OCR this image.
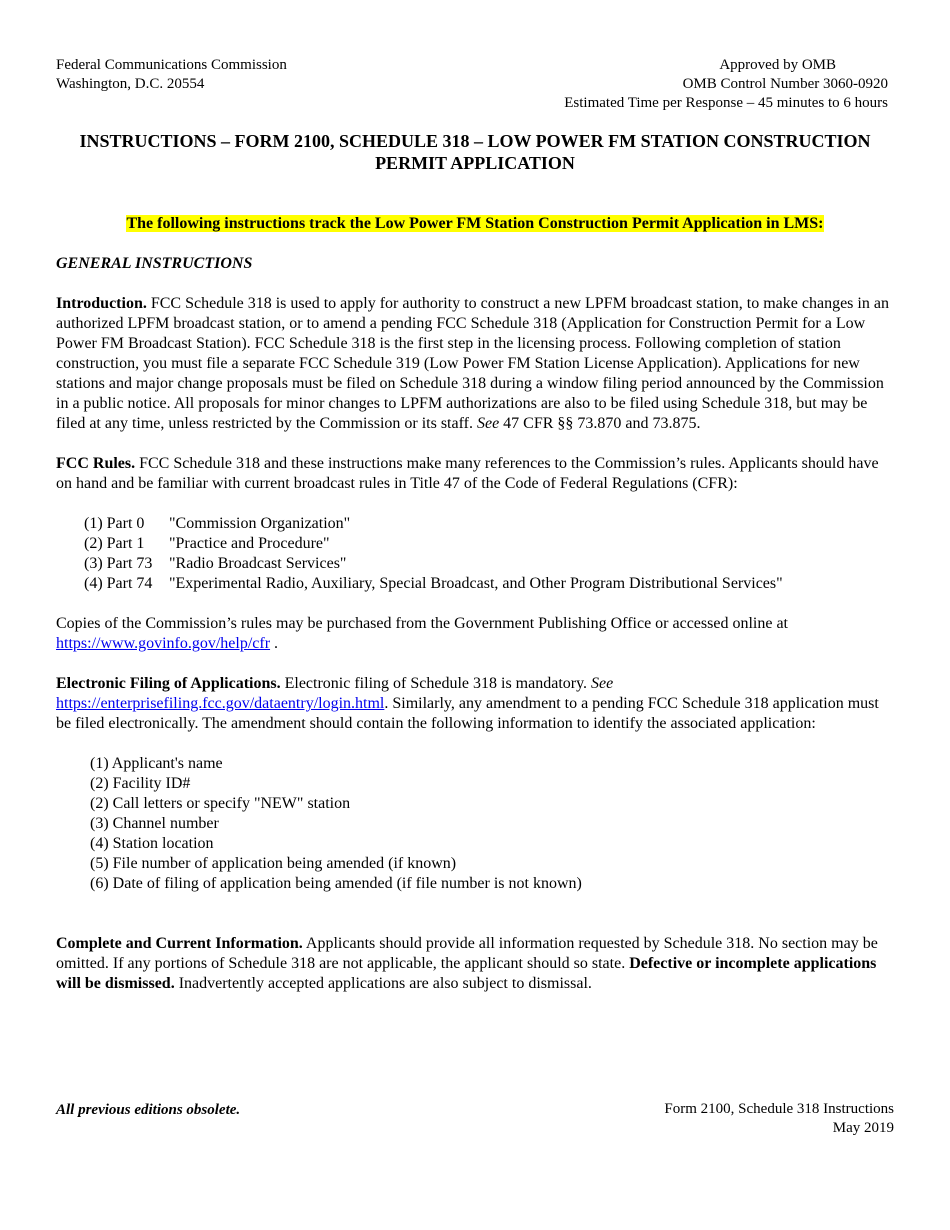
Federal Communications Commission
Washington, D.C. 20554
Approved by OMB
OMB Control Number 3060-0920
Estimated Time per Response – 45 minutes to 6 hours
INSTRUCTIONS – FORM 2100, SCHEDULE 318 – LOW POWER FM STATION CONSTRUCTION
PERMIT APPLICATION
The following instructions track the Low Power FM Station Construction Permit Application in LMS:
GENERAL INSTRUCTIONS

Introduction. FCC Schedule 318 is used to apply for authority to construct a new LPFM broadcast station, to make changes in an authorized LPFM broadcast station, or to amend a pending FCC Schedule 318 (Application for Construction Permit for a Low Power FM Broadcast Station). FCC Schedule 318 is the first step in the licensing process. Following completion of station construction, you must file a separate FCC Schedule 319 (Low Power FM Station License Application). Applications for new stations and major change proposals must be filed on Schedule 318 during a window filing period announced by the Commission in a public notice. All proposals for minor changes to LPFM authorizations are also to be filed using Schedule 318, but may be filed at any time, unless restricted by the Commission or its staff. See 47 CFR §§ 73.870 and 73.875.

FCC Rules. FCC Schedule 318 and these instructions make many references to the Commission’s rules. Applicants should have on hand and be familiar with current broadcast rules in Title 47 of the Code of Federal Regulations (CFR):

(1) Part 0	"Commission Organization"
(2) Part 1	"Practice and Procedure"
(3) Part 73	"Radio Broadcast Services"
(4) Part 74	"Experimental Radio, Auxiliary, Special Broadcast, and Other Program Distributional Services"

Copies of the Commission’s rules may be purchased from the Government Publishing Office or accessed online at https://www.govinfo.gov/help/cfr .

Electronic Filing of Applications. Electronic filing of Schedule 318 is mandatory. See
https://enterprisefiling.fcc.gov/dataentry/login.html. Similarly, any amendment to a pending FCC Schedule 318 application must be filed electronically. The amendment should contain the following information to identify the associated application:

(1) Applicant's name
(2) Facility ID#
(2) Call letters or specify "NEW" station
(3) Channel number
(4) Station location
(5) File number of application being amended (if known)
(6) Date of filing of application being amended (if file number is not known)

Complete and Current Information. Applicants should provide all information requested by Schedule 318. No section may be omitted. If any portions of Schedule 318 are not applicable, the applicant should so state. Defective or incomplete applications will be dismissed. Inadvertently accepted applications are also subject to dismissal.

All previous editions obsolete.	Form 2100, Schedule 318 Instructions
May 2019
